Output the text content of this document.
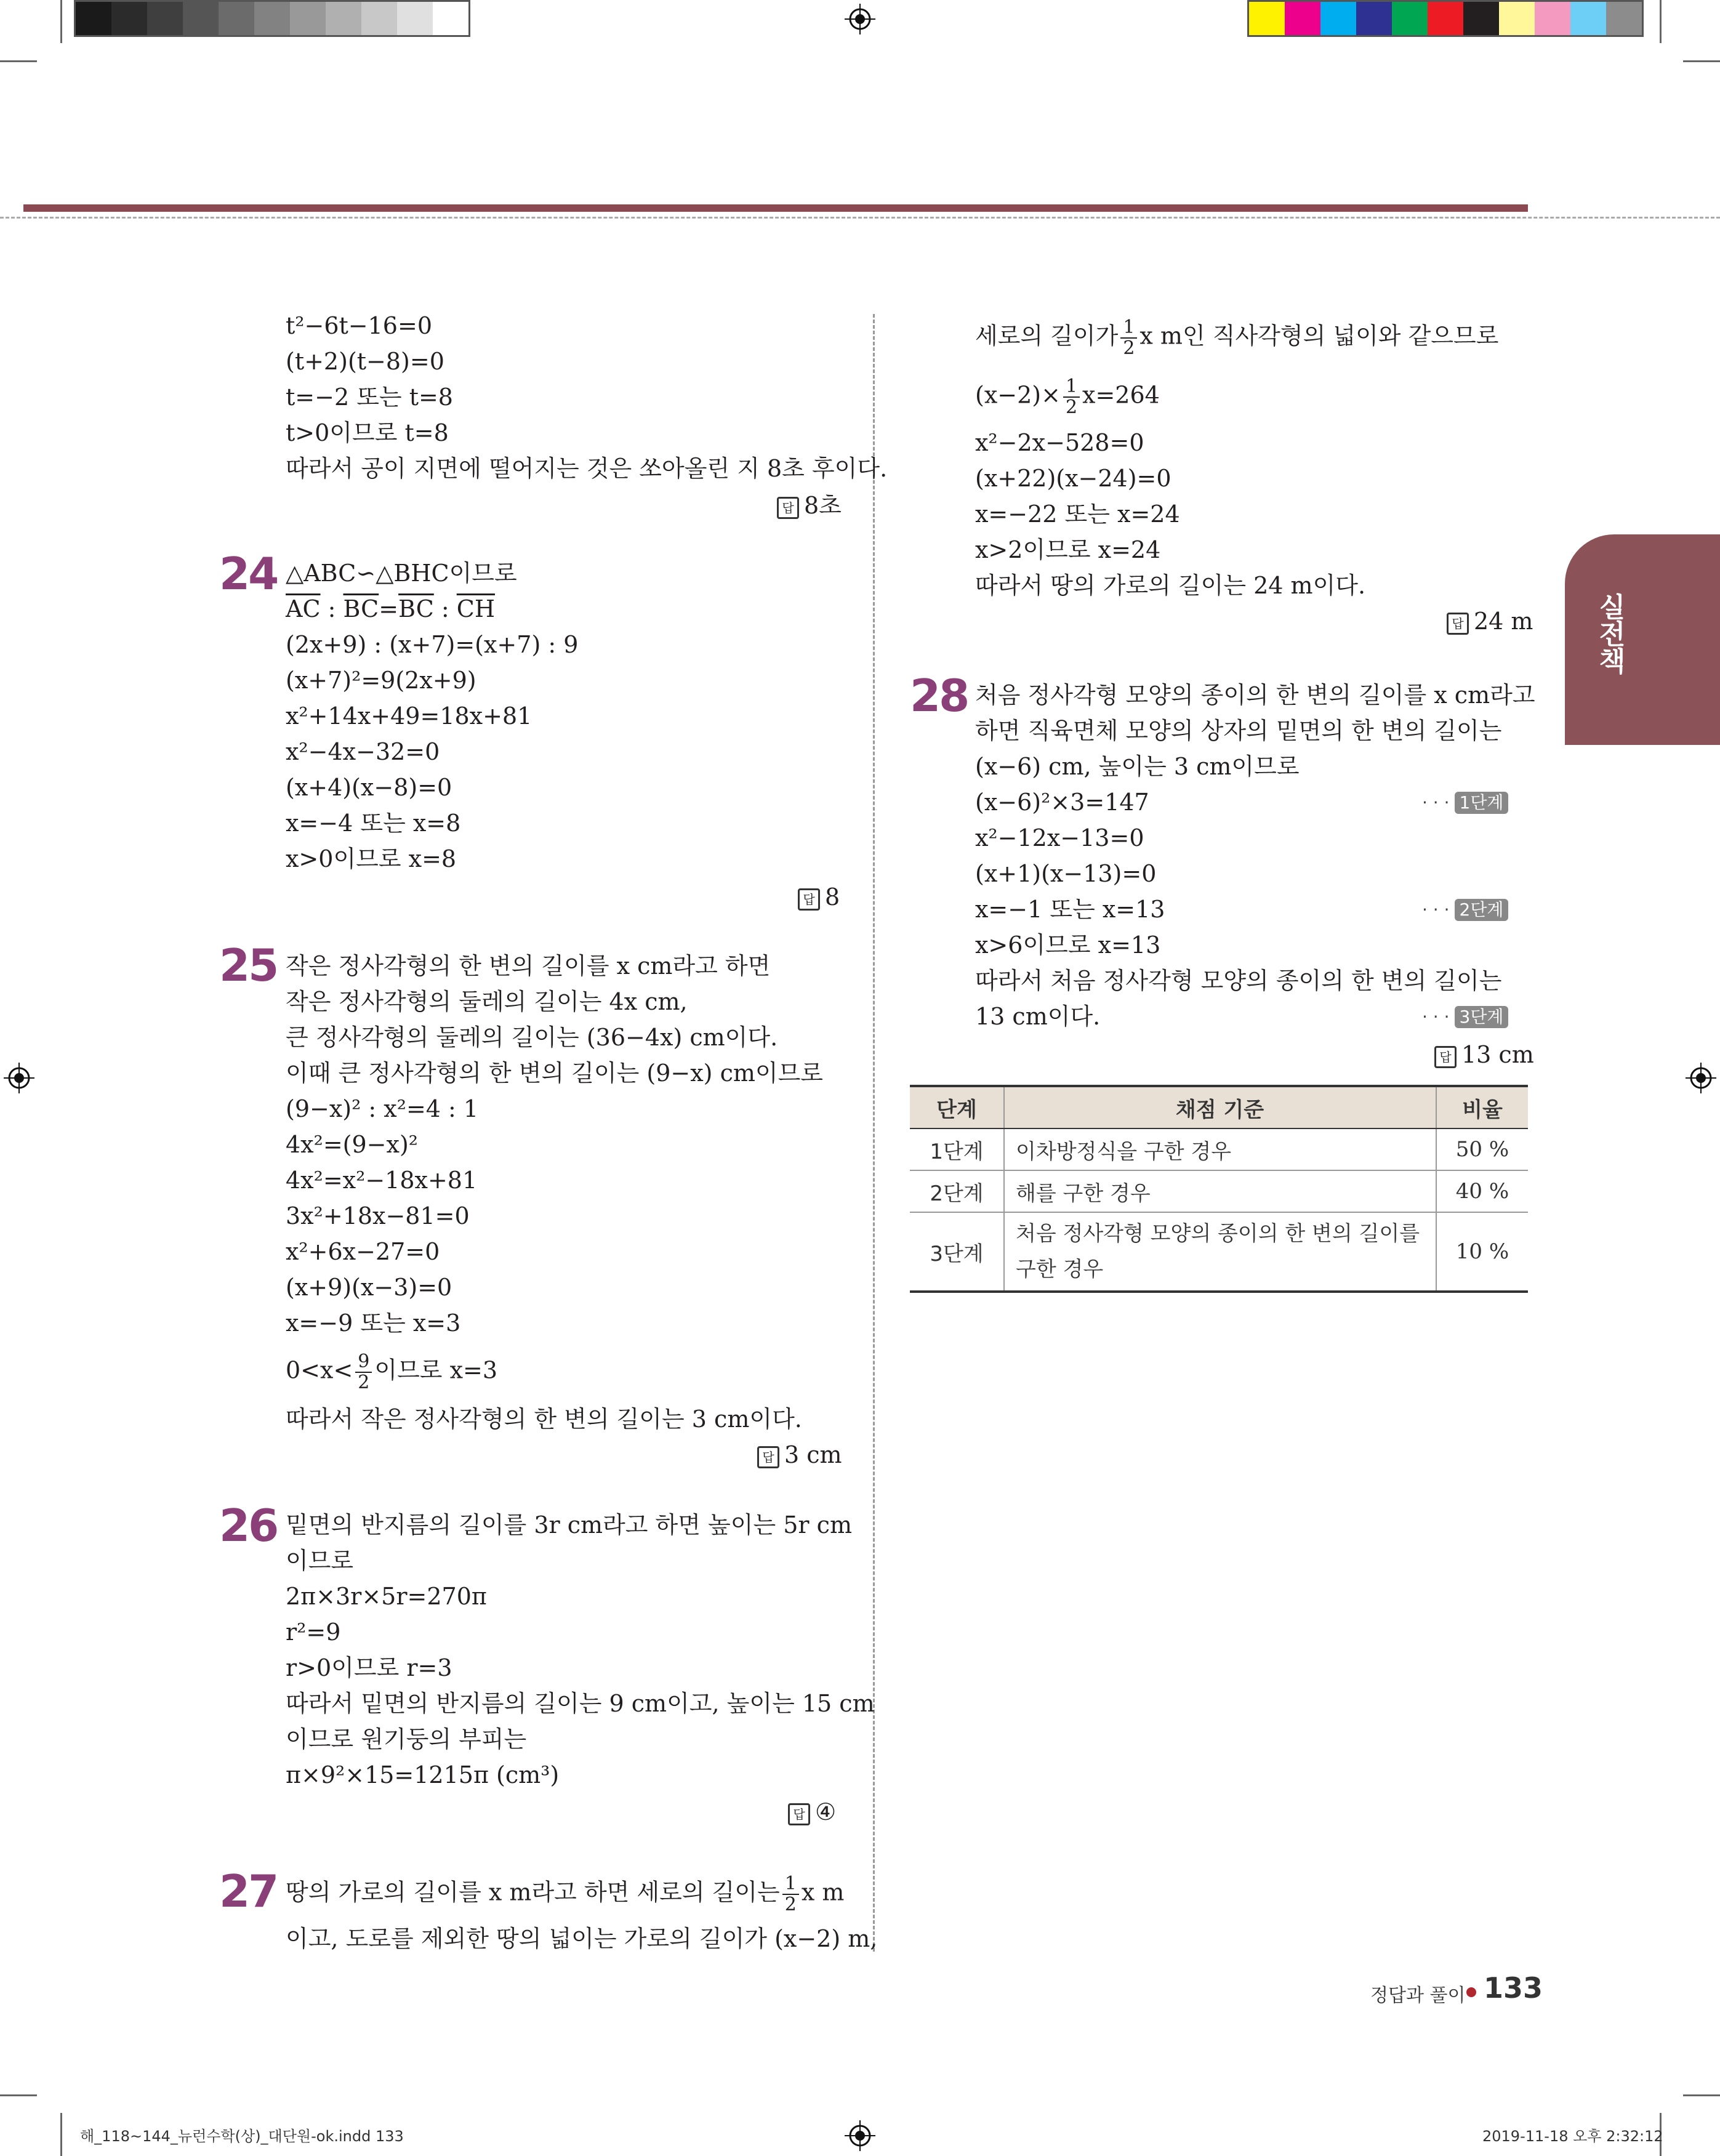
실전책
t²−6t−16=0
(t+2)(t−8)=0
t=−2 또는 t=8
t>0이므로 t=8
따라서 공이 지면에 떨어지는 것은 쏘아올린 지 8초 후이다.
답 8초
24 △ABC∽△BHC이므로
$\overline{AC}$ : $\overline{BC}=\overline{BC}$ : $\overline{CH}$
(2x+9) : (x+7)=(x+7) : 9
(x+7)²=9(2x+9)
x²+14x+49=18x+81
x²−4x−32=0
(x+4)(x−8)=0
x=−4 또는 x=8
x>0이므로 x=8
답 8
25 작은 정사각형의 한 변의 길이를 x cm라고 하면
작은 정사각형의 둘레의 길이는 4x cm,
큰 정사각형의 둘레의 길이는 (36−4x) cm이다.
이때 큰 정사각형의 한 변의 길이는 (9−x) cm이므로
(9−x)² : x²=4 : 1
4x²=(9−x)²
4x²=x²−18x+81
3x²+18x−81=0
x²+6x−27=0
(x+9)(x−3)=0
x=−9 또는 x=3
$0<x< \frac{9}{2}$ 이므로 x=3
따라서 작은 정사각형의 한 변의 길이는 3 cm이다.
답 3 cm
26 밑면의 반지름의 길이를 3r cm라고 하면 높이는 5r cm
이므로
2π×3r×5r=270π
r²=9
r>0이므로 r=3
따라서 밑면의 반지름의 길이는 9 cm이고, 높이는 15 cm
이므로 원기둥의 부피는
π×9²×15=1215π (cm³)
답 ④
27 땅의 가로의 길이를 x m라고 하면 세로의 길이는 $\frac{1}{2}$ x m
이고, 도로를 제외한 땅의 넓이는 가로의 길이가 (x−2) m,
세로의 길이가 $\frac{1}{2}$ x m인 직사각형의 넓이와 같으므로
$(x-2)\times \frac{1}{2} x=264$
x²−2x−528=0
(x+22)(x−24)=0
x=−22 또는 x=24
x>2이므로 x=24
따라서 땅의 가로의 길이는 24 m이다.
답 24 m
28 처음 정사각형 모양의 종이의 한 변의 길이를 x cm라고
하면 직육면체 모양의 상자의 밑면의 한 변의 길이는
(x−6) cm, 높이는 3 cm이므로
(x−6)²×3=147	· · · 1단계
x²−12x−13=0
(x+1)(x−13)=0
x=−1 또는 x=13	· · · 2단계
x>6이므로 x=13
따라서 처음 정사각형 모양의 종이의 한 변의 길이는
13 cm이다.	· · · 3단계
답 13 cm
단계	채점 기준	비율
1단계	이차방정식을 구한 경우	50 %
2단계	해를 구한 경우	40 %
3단계	처음 정사각형 모양의 종이의 한 변의 길이를 구한 경우	10 %
정답과 풀이 133
해_118~144_뉴런수학(상)_대단원-ok.indd 133	2019-11-18 오후 2:32:12
